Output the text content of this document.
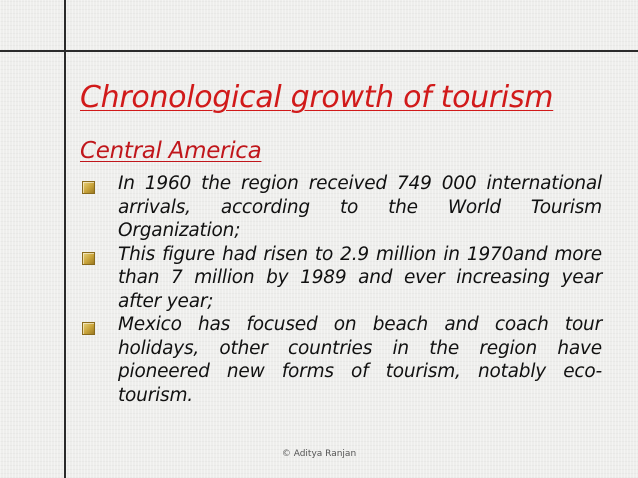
Chronological growth of tourism
Central America
In 1960 the region received 749 000 international arrivals, according to the World Tourism Organization;
This figure had risen to 2.9 million in 1970and more than 7 million by 1989 and ever increasing year after year;
Mexico has focused on beach and coach tour holidays, other countries in the region have pioneered new forms of tourism, notably eco-tourism.
© Aditya Ranjan
